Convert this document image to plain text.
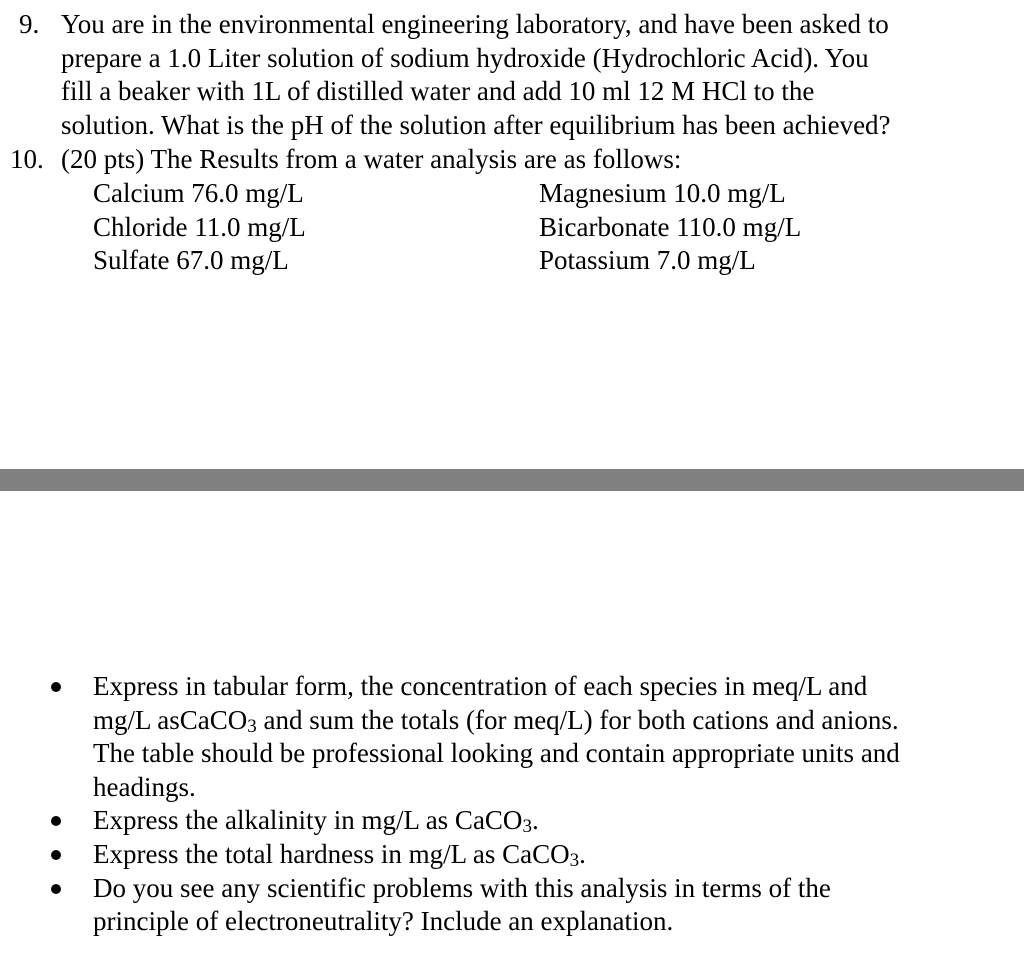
9. You are in the environmental engineering laboratory, and have been asked to
prepare a 1.0 Liter solution of sodium hydroxide (Hydrochloric Acid). You
fill a beaker with 1L of distilled water and add 10 ml 12 M HCl to the
solution. What is the pH of the solution after equilibrium has been achieved?
10. (20 pts) The Results from a water analysis are as follows:
Calcium 76.0 mg/L	Magnesium 10.0 mg/L
Chloride 11.0 mg/L	Bicarbonate 110.0 mg/L
Sulfate 67.0 mg/L	Potassium 7.0 mg/L
Express in tabular form, the concentration of each species in meq/L and
mg/L asCaCO$_3$ and sum the totals (for meq/L) for both cations and anions.
The table should be professional looking and contain appropriate units and
headings.
Express the alkalinity in mg/L as CaCO$_3$.
Express the total hardness in mg/L as CaCO$_3$.
Do you see any scientific problems with this analysis in terms of the
principle of electroneutrality? Include an explanation.
